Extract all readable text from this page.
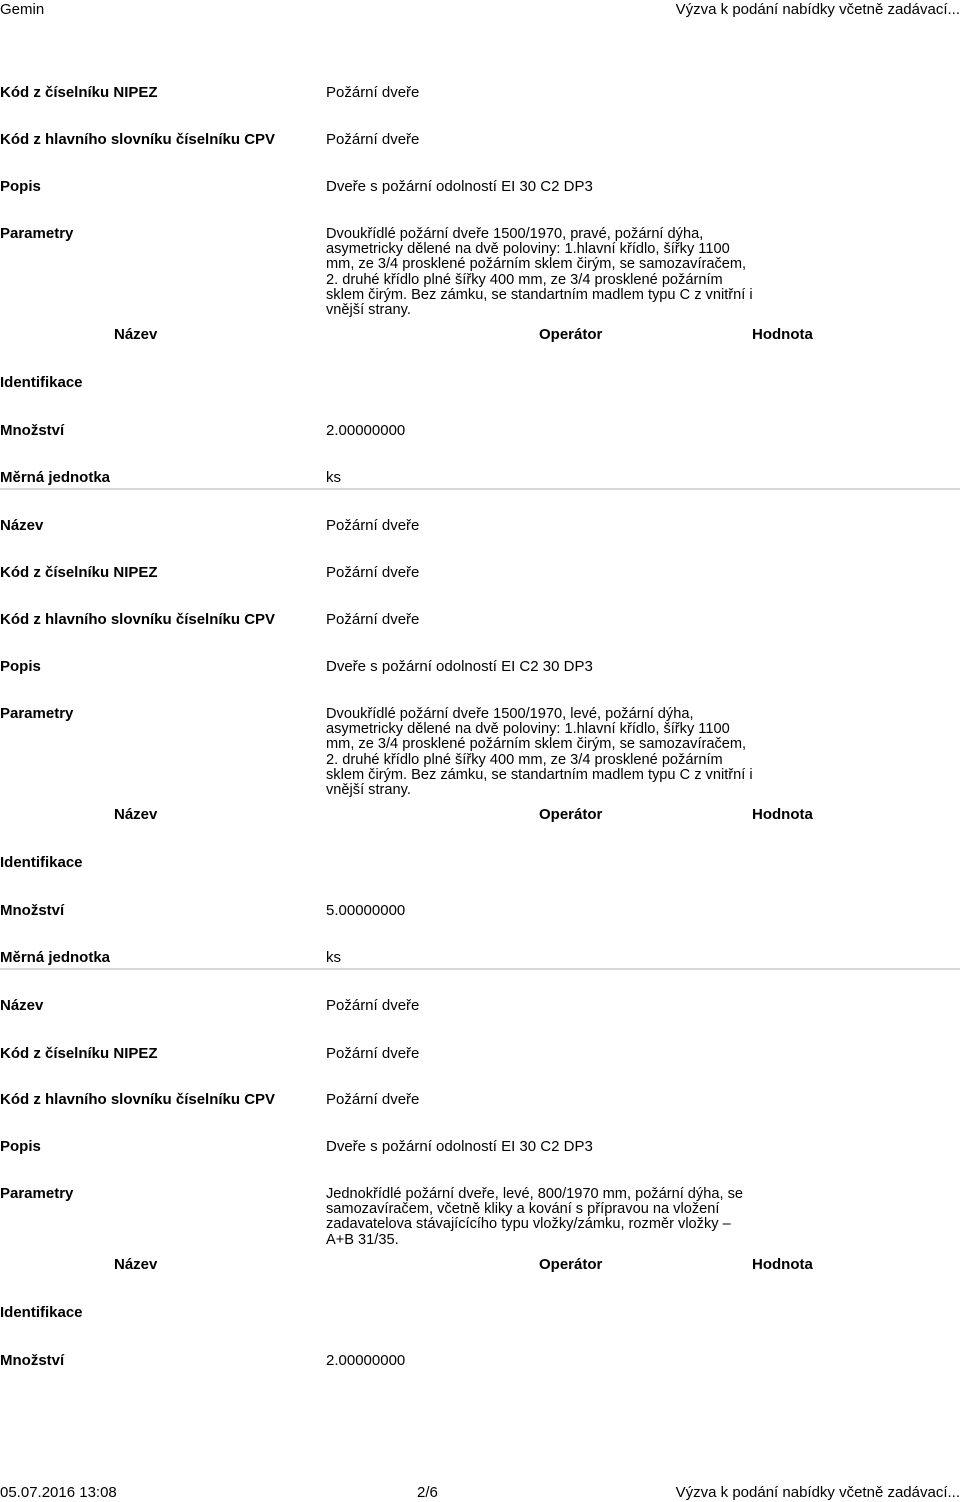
Gemin	Výzva k podání nabídky včetně zadávací...
Kód z číselníku NIPEZ	Požární dveře
Kód z hlavního slovníku číselníku CPV	Požární dveře
Popis	Dveře s požární odolností EI 30 C2 DP3
Parametry	Dvoukřídlé požární dveře 1500/1970, pravé, požární dýha, asymetricky dělené na dvě poloviny: 1.hlavní křídlo, šířky 1100 mm, ze 3/4 prosklené požárním sklem čirým, se samozavíračem, 2. druhé křídlo plné šířky 400 mm, ze 3/4 prosklené požárním sklem čirým. Bez zámku, se standartním madlem typu C z vnitřní i vnější strany.
Název	Operátor	Hodnota
Identifikace
Množství	2.00000000
Měrná jednotka	ks
Název	Požární dveře
Kód z číselníku NIPEZ	Požární dveře
Kód z hlavního slovníku číselníku CPV	Požární dveře
Popis	Dveře s požární odolností EI C2 30 DP3
Parametry	Dvoukřídlé požární dveře 1500/1970, levé, požární dýha, asymetricky dělené na dvě poloviny: 1.hlavní křídlo, šířky 1100 mm, ze 3/4 prosklené požárním sklem čirým, se samozavíračem, 2. druhé křídlo plné šířky 400 mm, ze 3/4 prosklené požárním sklem čirým. Bez zámku, se standartním madlem typu C z vnitřní i vnější strany.
Název	Operátor	Hodnota
Identifikace
Množství	5.00000000
Měrná jednotka	ks
Název	Požární dveře
Kód z číselníku NIPEZ	Požární dveře
Kód z hlavního slovníku číselníku CPV	Požární dveře
Popis	Dveře s požární odolností EI 30 C2 DP3
Parametry	Jednokřídlé požární dveře, levé, 800/1970 mm, požární dýha, se samozavíračem, včetně kliky a kování s přípravou na vložení zadavatelova stávajícícího typu vložky/zámku, rozměr vložky – A+B 31/35.
Název	Operátor	Hodnota
Identifikace
Množství	2.00000000
05.07.2016 13:08	2/6	Výzva k podání nabídky včetně zadávací...
